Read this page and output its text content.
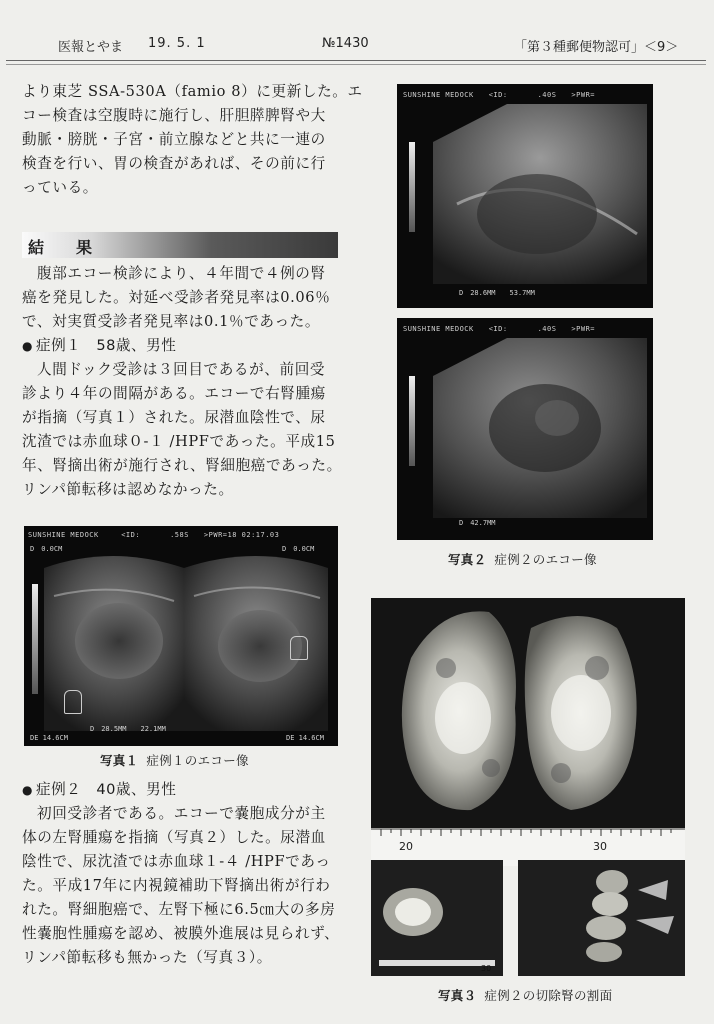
医報とやま 19. 5. 1	№1430	「第３種郵便物認可」＜9＞

より東芝 SSA-530A（famio 8）に更新した。エ

コー検査は空腹時に施行し、肝胆膵脾腎や大

動脈・膀胱・子宮・前立腺などと共に一連の

検査を行い、胃の検査があれば、その前に行

っている。

結　果

腹部エコー検診により、４年間で４例の腎

癌を発見した。対延べ受診者発見率は0.06％

で、対実質受診者発見率は0.1％であった。

● 症例１　58歳、男性

人間ドック受診は３回目であるが、前回受

診より４年の間隔がある。エコーで右腎腫瘍

が指摘（写真１）された。尿潜血陰性で、尿

沈渣では赤血球０‐１ /HPFであった。平成15

年、腎摘出術が施行され、腎細胞癌であった。

リンパ節転移は認めなかった。

SUNSHINE MEDOCK　　　<ID:　　　　.58S　　>PWR=18 02:17.03
D　0.0CM	D　0.0CM
D　28.5MM　　22.1MM
DE 14.6CM	DE 14.6CM
写真１ 症例１のエコー像

● 症例２　40歳、男性

初回受診者である。エコーで嚢胞成分が主

体の左腎腫瘍を指摘（写真２）した。尿潜血

陰性で、尿沈渣では赤血球１‐４ /HPFであっ

た。平成17年に内視鏡補助下腎摘出術が行わ

れた。腎細胞癌で、左腎下極に6.5㎝大の多房

性嚢胞性腫瘍を認め、被膜外進展は見られず、

リンパ節転移も無かった（写真３）。

SUNSHINE MEDOCK　　<ID:　　　　.40S　　>PWR=
D　28.6MM　　53.7MM
SUNSHINE MEDOCK　　<ID:　　　　.40S　　>PWR=
D　42.7MM
写真２ 症例２のエコー像
20	30
30
写真３ 症例２の切除腎の割面
